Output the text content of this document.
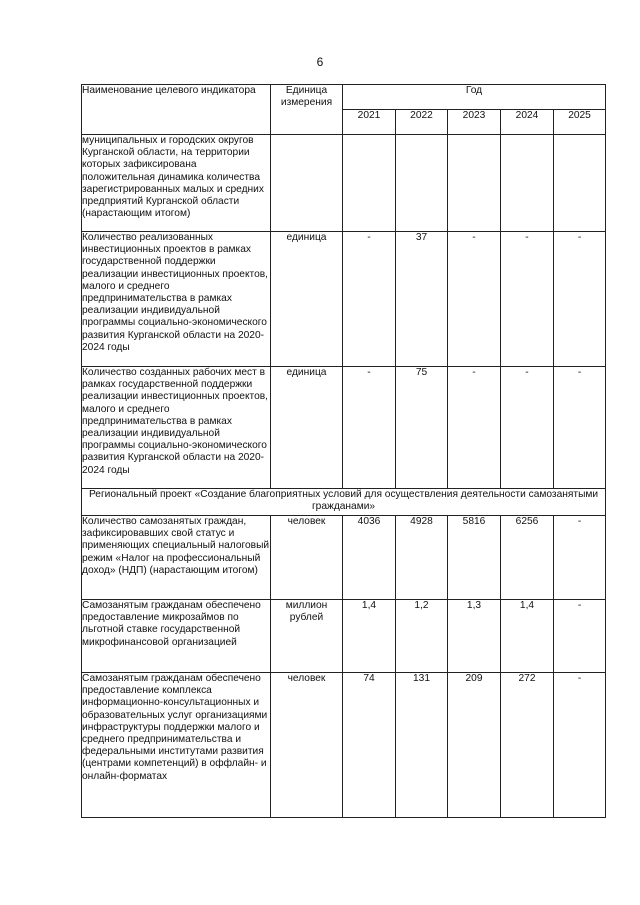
6
Наименование целевого индикатора	Единица измерения	Год				
		2021	2022	2023	2024	2025
муниципальных и городских округов Курганской области, на территории которых зафиксирована положительная динамика количества зарегистрированных малых и средних предприятий Курганской области (нарастающим итогом)						
Количество реализованных инвестиционных проектов в рамках государственной поддержки реализации инвестиционных проектов, малого и среднего предпринимательства в рамках реализации индивидуальной программы социально-экономического развития Курганской области на 2020-2024 годы	единица	-	37	-	-	-
Количество созданных рабочих мест в рамках государственной поддержки реализации инвестиционных проектов, малого и среднего предпринимательства в рамках реализации индивидуальной программы социально-экономического развития Курганской области на 2020-2024 годы	единица	-	75	-	-	-
Региональный проект «Создание благоприятных условий для осуществления деятельности самозанятыми гражданами»						
Количество самозанятых граждан, зафиксировавших свой статус и применяющих специальный налоговый режим «Налог на профессиональный доход» (НДП) (нарастающим итогом)	человек	4036	4928	5816	6256	-
Самозанятым гражданам обеспечено предоставление микрозаймов по льготной ставке государственной микрофинансовой организацией	миллион рублей	1,4	1,2	1,3	1,4	-
Самозанятым гражданам обеспечено предоставление комплекса информационно-консультационных и образовательных услуг организациями инфраструктуры поддержки малого и среднего предпринимательства и федеральными институтами развития (центрами компетенций) в оффлайн- и онлайн-форматах	человек	74	131	209	272	-
